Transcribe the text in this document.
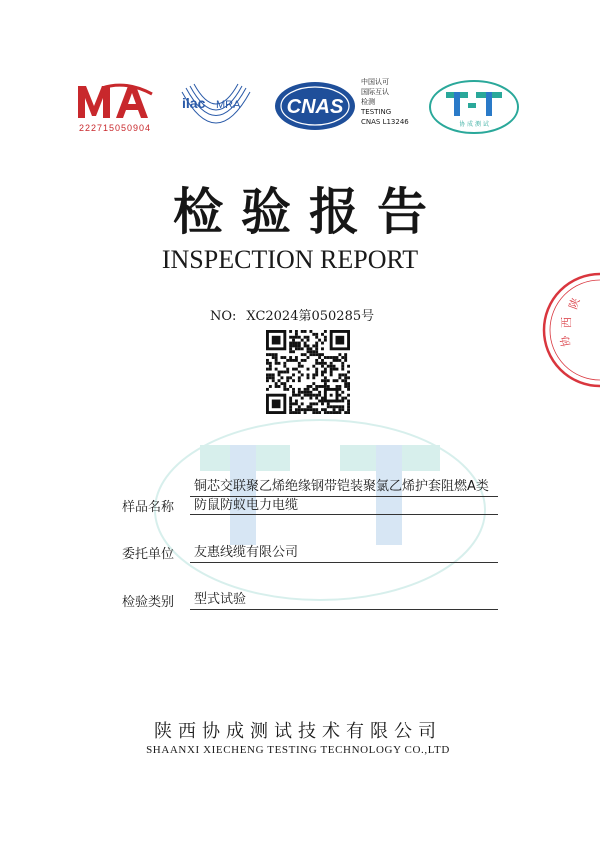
222715050904
ilac MRA CNAS
中国认可
国际互认
检测
TESTING
CNAS L13246	协 成 测 试
检验报告
INSPECTION REPORT
NO: XC2024第050285号
样品名称
铜芯交联聚乙烯绝缘钢带铠装聚氯乙烯护套阻燃A类防鼠防蚁电力电缆
委托单位 友惠线缆有限公司
检验类别 型式试验
陕西协成测试技术有限公司
SHAANXI XIECHENG TESTING TECHNOLOGY CO.,LTD
陕
西
协
